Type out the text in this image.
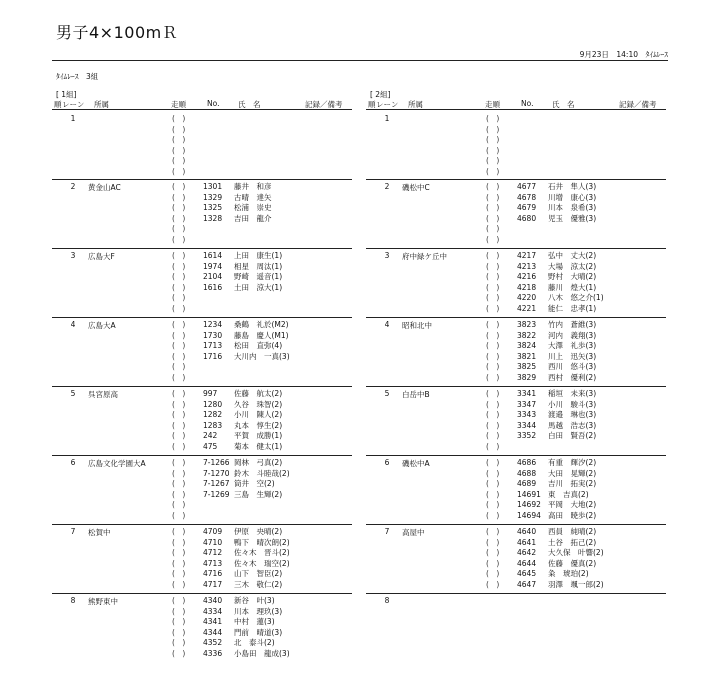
男子4×100mＲ
9月23日　14:10　ﾀｲﾑﾚｰｽ
ﾀｲﾑﾚｰｽ　3組
[ 1組]
順 レーン 所属	走順	No. 氏　名	記録／備考
1	(　)
(　)
(　)
(　)
(　)
(　)
2	黄金山AC	(　) 1301 藤井　和彦
(　) 1329 古晴　達矢
(　) 1325 松浦　崇史
(　) 1328 吉田　龍介
(　)
(　)
3	広島大F	(　) 1614 上田　康生(1)
(　) 1974 相星　周汰(1)
(　) 2104 野崎　遥音(1)
(　) 1616 土田　涼大(1)
(　)
(　)
4	広島大A	(　) 1234 桑鶴　礼於(M2)
(　) 1730 藤島　慶人(M1)
(　) 1713 松田　直弥(4)
(　) 1716 大川内　一真(3)
(　)
(　)
5	呉宮原高	(　) 997 佐藤　航太(2)
(　) 1280 久谷　珠智(2)
(　) 1282 小川　陳人(2)
(　) 1283 丸本　惇生(2)
(　) 242 平賀　成勝(1)
(　) 475 菊本　健太(1)
6	広島文化学園大A	(　) 7-1266 岡林　弓真(2)
(　) 7-1270 鈴木　斗睦哉(2)
(　) 7-1267 筒井　空(2)
(　) 7-1269 三島　生輝(2)
(　)
(　)
7	松賀中	(　) 4709 伊原　央晴(2)
(　) 4710 鴨下　晴次朗(2)
(　) 4712 佐々木　晋斗(2)
(　) 4713 佐々木　瑞空(2)
(　) 4716 山下　智臣(2)
(　) 4717 三木　敬仁(2)
8	熊野東中	(　) 4340 新谷　叶(3)
(　) 4334 川本　理玖(3)
(　) 4341 中村　蓮(3)
(　) 4344 門前　晴道(3)
(　) 4352 北　泰斗(2)
(　) 4336 小島田　龍成(3)
[ 2組]
順 レーン 所属	走順	No. 氏　名	記録／備考
1	(　)
(　)
(　)
(　)
(　)
(　)
2	磯松中C	(　) 4677 石井　隼人(3)
(　) 4678 川增　康心(3)
(　) 4679 川本　泉希(3)
(　) 4680 児玉　優雅(3)
(　)
(　)
3	府中緑ケ丘中	(　) 4217 弘中　丈大(2)
(　) 4213 大場　涼太(2)
(　) 4216 野村　大晴(2)
(　) 4218 藤川　煌大(1)
(　) 4220 八木　悠之介(1)
(　) 4221 能仁　忠孝(1)
4	昭和北中	(　) 3823 竹内　蒼維(3)
(　) 3822 河内　義翔(3)
(　) 3824 大澤　礼歩(3)
(　) 3821 川上　迅矢(3)
(　) 3825 西川　悠斗(3)
(　) 3829 西村　優利(2)
5	白岳中B	(　) 3341 稲垣　未来(3)
(　) 3347 小川　駿斗(3)
(　) 3343 渡邉　琳也(3)
(　) 3344 馬越　浩志(3)
(　) 3352 白田　賢吾(2)
(　)
6	磯松中A	(　) 4686 有重　輝汐(2)
(　) 4688 大田　晃輝(2)
(　) 4689 吉川　拓実(2)
(　) 14691 東　吉真(2)
(　) 14692 平岡　大地(2)
(　) 14694 高田　暁歩(2)
7	高屋中	(　) 4640 西員　純晴(2)
(　) 4641 土谷　拓己(2)
(　) 4642 大久保　叶響(2)
(　) 4644 佐藤　優真(2)
(　) 4645 粂　琥珀(2)
(　) 4647 羽澤　颯一郎(2)
8
